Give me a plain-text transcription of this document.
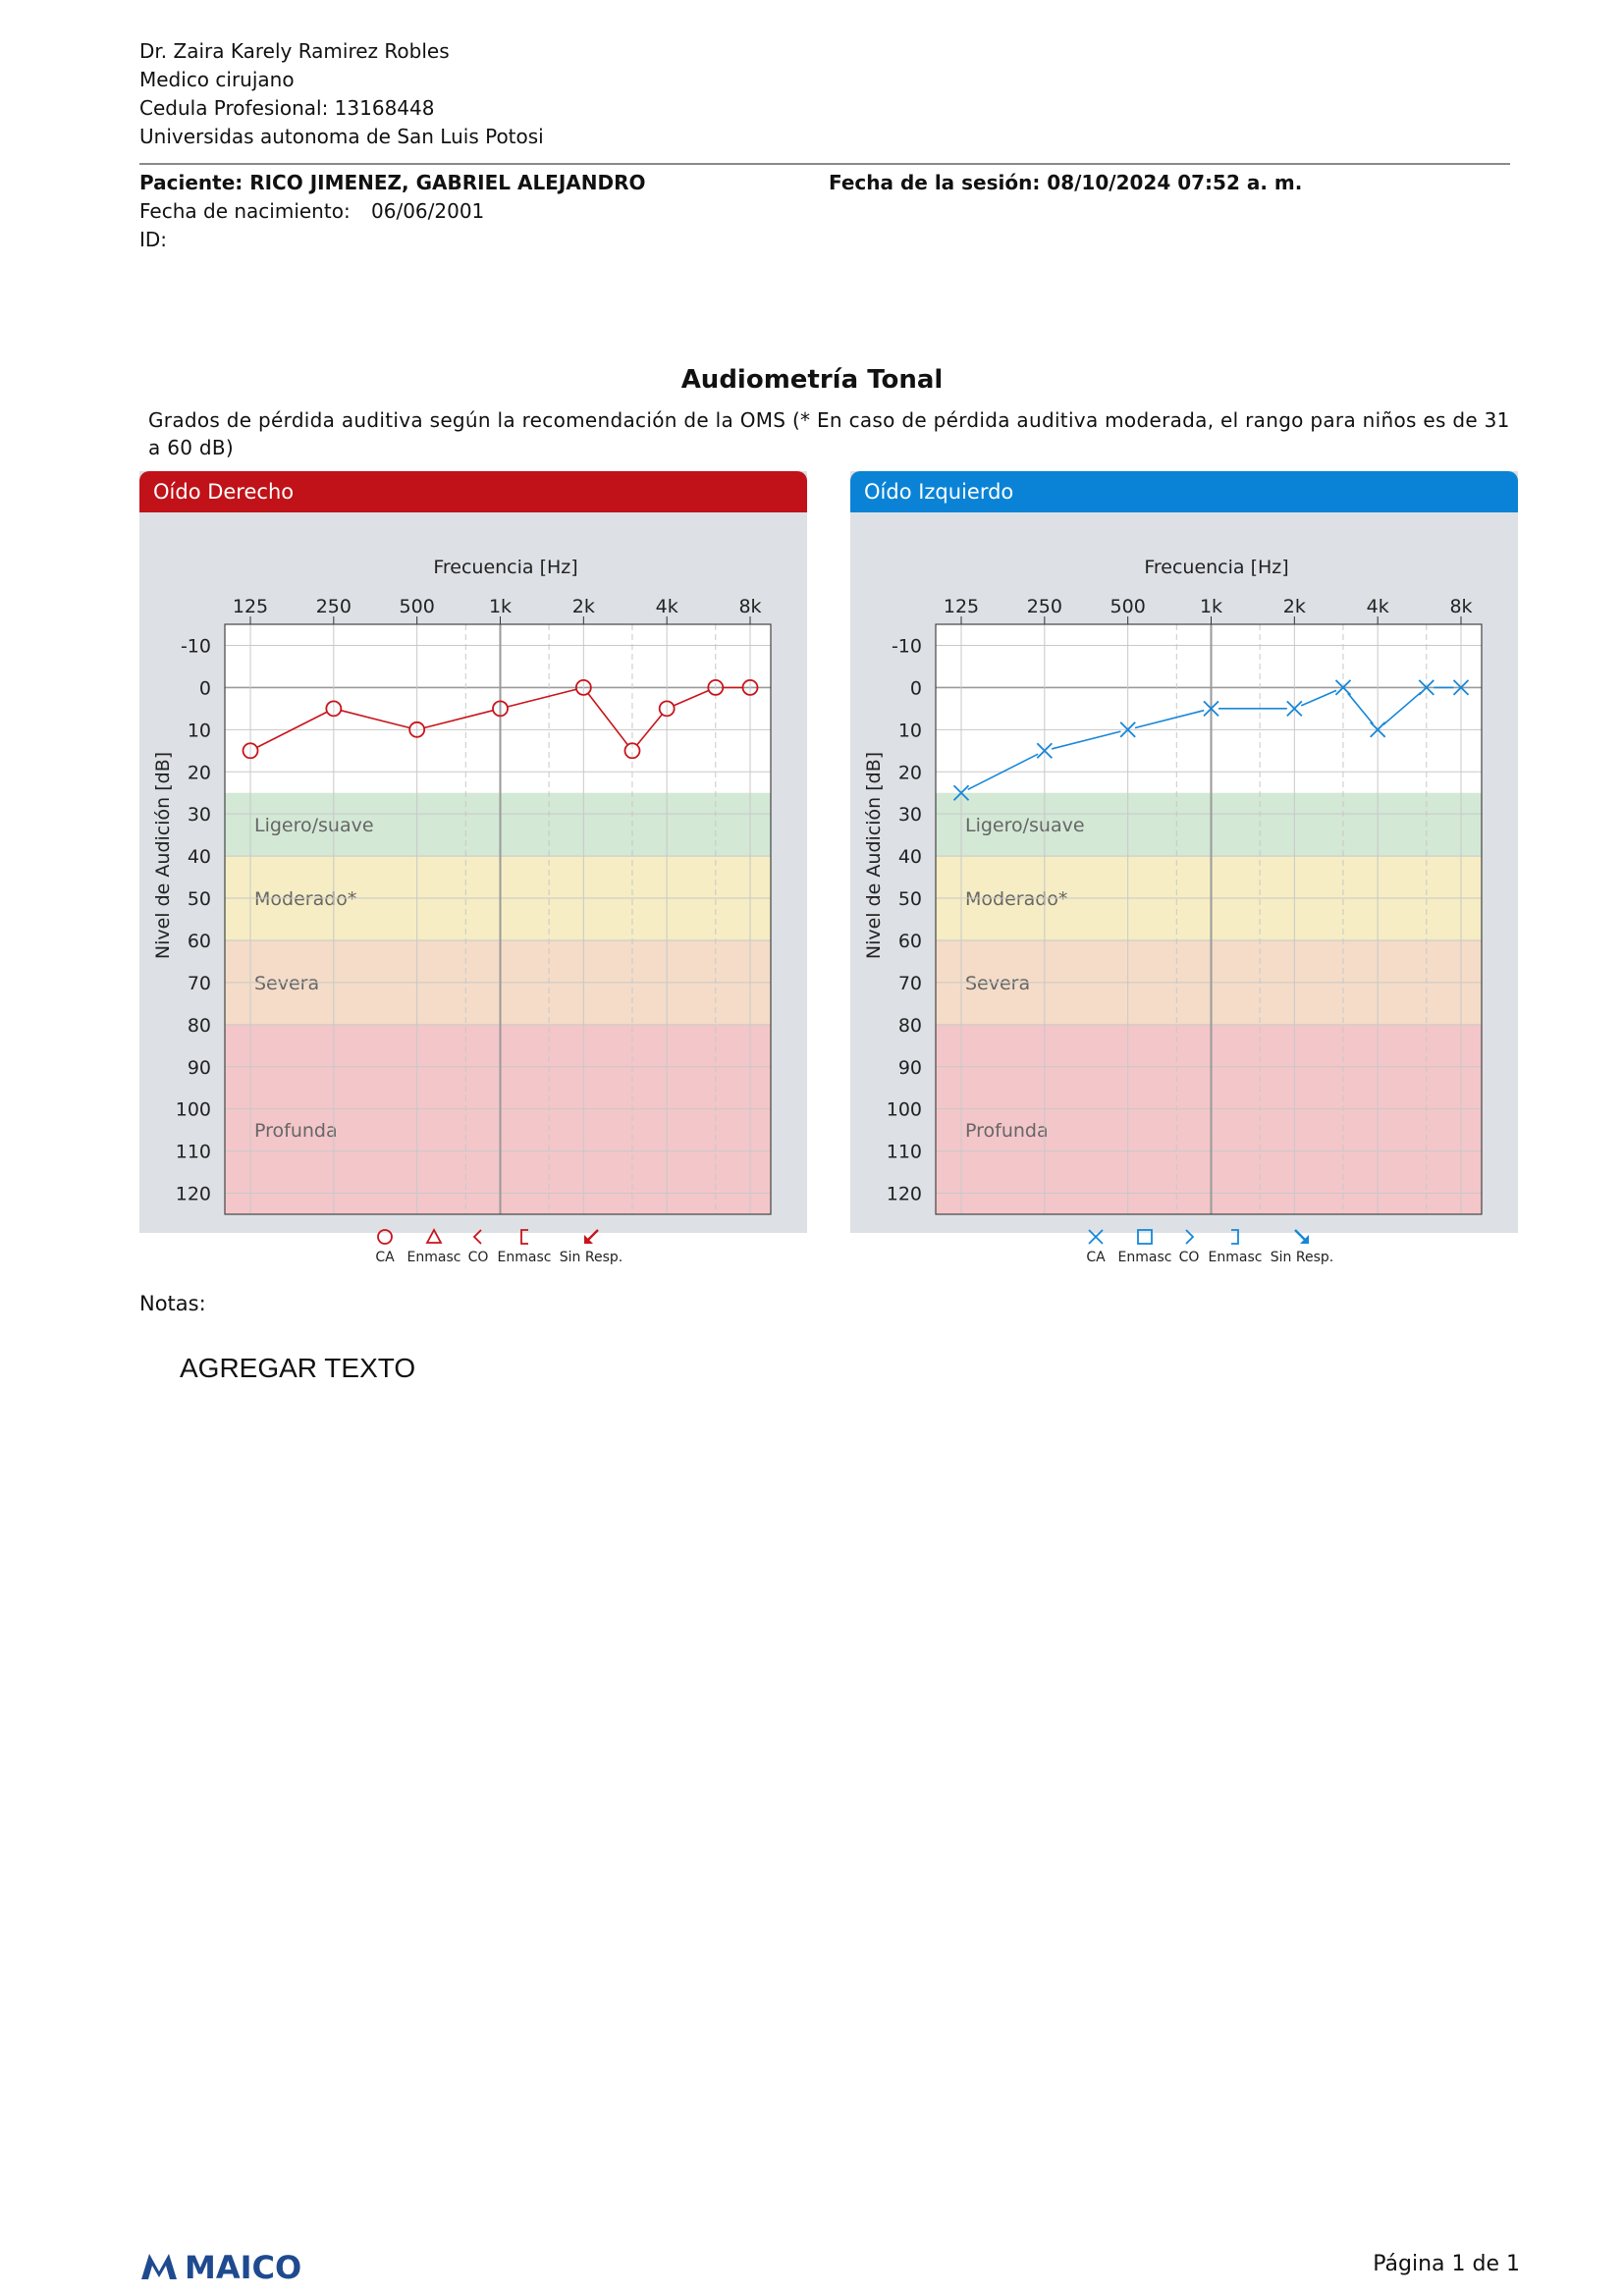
Dr. Zaira Karely Ramirez Robles
Medico cirujano
Cedula Profesional: 13168448
Universidas autonoma de San Luis Potosi
Paciente: RICO JIMENEZ, GABRIEL ALEJANDRO	Fecha de la sesión: 08/10/2024 07:52 a. m.
Fecha de nacimiento: 06/06/2001
ID:
Audiometría Tonal
Grados de pérdida auditiva según la recomendación de la OMS (* En caso de pérdida auditiva moderada, el rango para niños es de 31 a 60 dB)
Oído Derecho
Ligero/suave
Moderado*
Severa
Profunda
-10
0
10
20
30
40
50
60
70
80
90
100
110
120
125	250	500	1k	2k	4k	8k
Frecuencia [Hz]
Nivel de Audición [dB]
CA Enmasc CO Enmasc Sin Resp.
Oído Izquierdo
Ligero/suave
Moderado*
Severa
Profunda
-10
0
10
20
30
40
50
60
70
80
90
100
110
120
125	250	500	1k	2k	4k	8k
Frecuencia [Hz]
Nivel de Audición [dB]
CA Enmasc CO Enmasc Sin Resp.
Notas:
AGREGAR TEXTO
MAICO	Página 1 de 1
